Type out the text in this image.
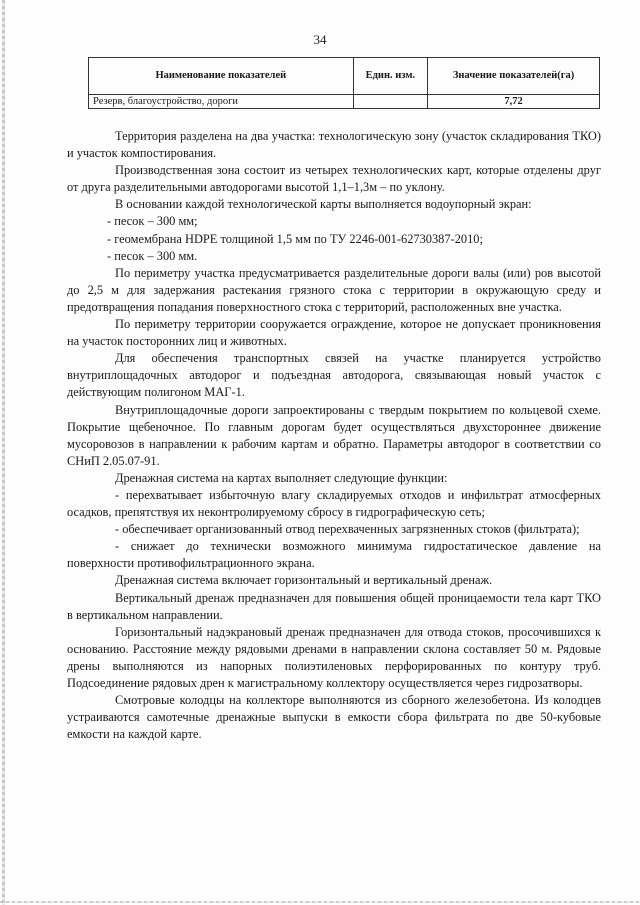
34
Наименование показателей	Един. изм.	Значение показателей(га)
Резерв, благоустройство, дороги		7,72

Территория разделена на два участка: технологическую зону (участок складирования ТКО) и участок компостирования.

Производственная зона состоит из четырех технологических карт, которые отделены друг от друга разделительными автодорогами высотой 1,1–1,3м – по уклону.

В основании каждой технологической карты выполняется водоупорный экран:

- песок – 300 мм;

- геомембрана HDPE толщиной 1,5 мм по ТУ 2246-001-62730387-2010;

- песок – 300 мм.

По периметру участка предусматривается разделительные дороги валы (или) ров высотой до 2,5 м для задержания растекания грязного стока с территории в окружающую среду и предотвращения попадания поверхностного стока с территорий, расположенных вне участка.

По периметру территории сооружается ограждение, которое не допускает проникновения на участок посторонних лиц и животных.

Для обеспечения транспортных связей на участке планируется устройство внутриплощадочных автодорог и подъездная автодорога, связывающая новый участок с действующим полигоном МАГ-1.

Внутриплощадочные дороги запроектированы с твердым покрытием по кольцевой схеме. Покрытие щебеночное. По главным дорогам будет осуществляться двухстороннее движение мусоровозов в направлении к рабочим картам и обратно. Параметры автодорог в соответствии со СНиП 2.05.07-91.

Дренажная система на картах выполняет следующие функции:

- перехватывает избыточную влагу складируемых отходов и инфильтрат атмосферных осадков, препятствуя их неконтролируемому сбросу в гидрографическую сеть;

- обеспечивает организованный отвод перехваченных загрязненных стоков (фильтрата);

- снижает до технически возможного минимума гидростатическое давление на поверхности противофильтрационного экрана.

Дренажная система включает горизонтальный и вертикальный дренаж.

Вертикальный дренаж предназначен для повышения общей проницаемости тела карт ТКО в вертикальном направлении.

Горизонтальный надэкрановый дренаж предназначен для отвода стоков, просочившихся к основанию. Расстояние между рядовыми дренами в направлении склона составляет 50 м. Рядовые дрены выполняются из напорных полиэтиленовых перфорированных по контуру труб. Подсоединение рядовых дрен к магистральному коллектору осуществляется через гидрозатворы.

Смотровые колодцы на коллекторе выполняются из сборного железобетона. Из колодцев устраиваются самотечные дренажные выпуски в емкости сбора фильтрата по две 50-кубовые емкости на каждой карте.
